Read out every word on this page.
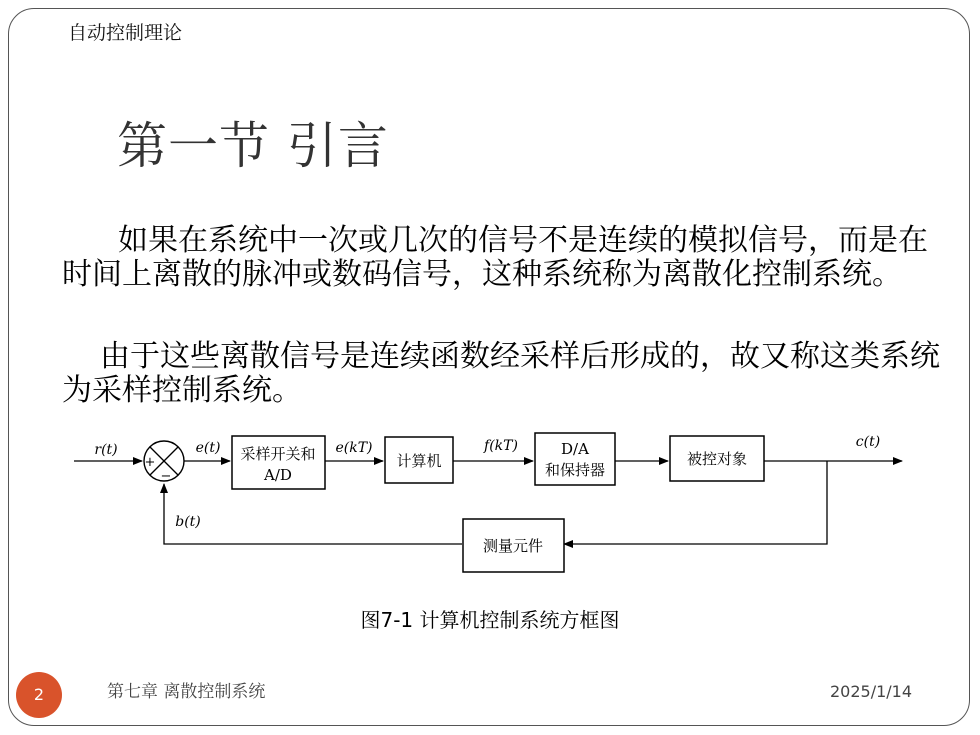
自动控制理论
第一节 引言

如果在系统中一次或几次的信号不是连续的模拟信号，而是在时间上离散的脉冲或数码信号，这种系统称为离散化控制系统。

由于这些离散信号是连续函数经采样后形成的，故又称这类系统为采样控制系统。

+
−
采样开关和
A/D
计算机
D/A
和保持器
被控对象
测量元件
r(t)	e(t)	e(kT)	f(kT)	c(t)
b(t)
图7-1 计算机控制系统方框图
2	第七章 离散控制系统	2025/1/14
